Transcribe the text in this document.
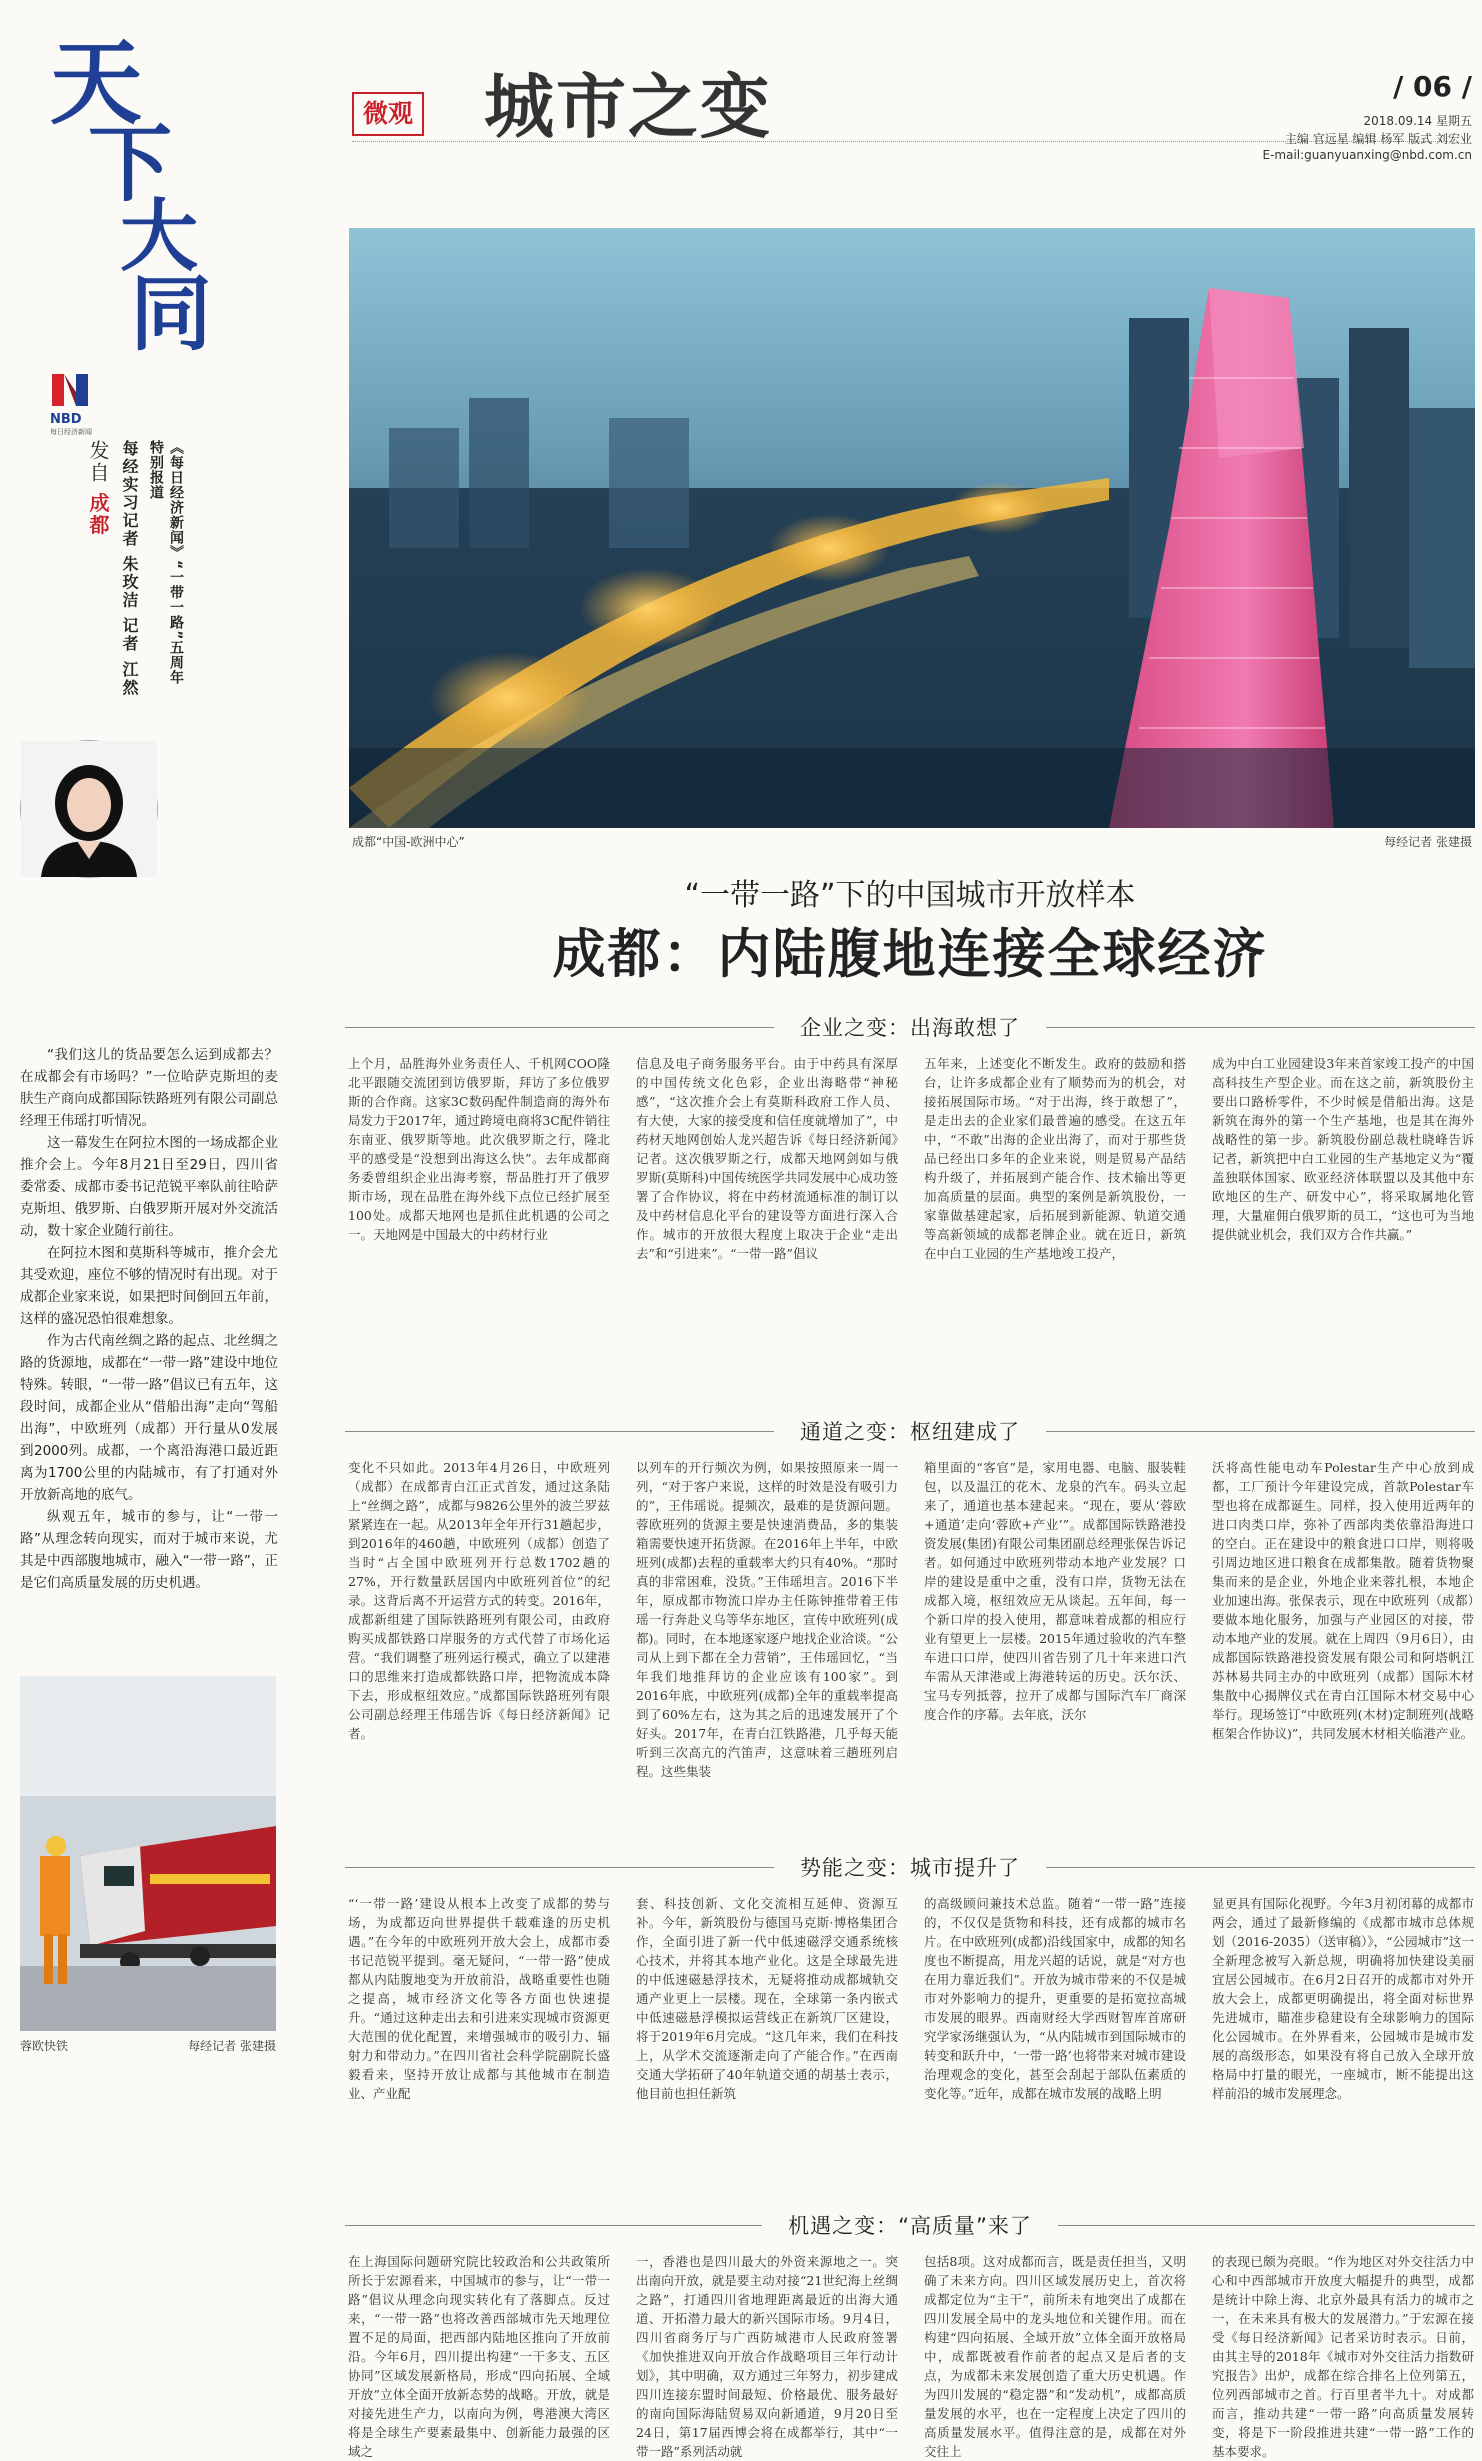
天
下
大
同
NBD
每日经济新闻
《每日经济新闻》“一带一路”五周年特别报道
每经实习记者 朱玫洁 记者 江然
发自 成都
微观 城市之变	/ 06 /
2018.09.14 星期五
主编 官远星 编辑 杨军 版式 刘宏业
E-mail:guanyuanxing@nbd.com.cn
成都“中国-欧洲中心”	每经记者 张建摄
“一带一路”下的中国城市开放样本
成都：内陆腹地连接全球经济

“我们这儿的货品要怎么运到成都去？在成都会有市场吗？”一位哈萨克斯坦的麦肤生产商向成都国际铁路班列有限公司副总经理王伟瑶打听情况。

这一幕发生在阿拉木图的一场成都企业推介会上。今年8月21日至29日，四川省委常委、成都市委书记范锐平率队前往哈萨克斯坦、俄罗斯、白俄罗斯开展对外交流活动，数十家企业随行前往。

在阿拉木图和莫斯科等城市，推介会尤其受欢迎，座位不够的情况时有出现。对于成都企业家来说，如果把时间倒回五年前，这样的盛况恐怕很难想象。

作为古代南丝绸之路的起点、北丝绸之路的货源地，成都在“一带一路”建设中地位特殊。转眼，“一带一路”倡议已有五年，这段时间，成都企业从“借船出海”走向“驾船出海”，中欧班列（成都）开行量从0发展到2000列。成都，一个离沿海港口最近距离为1700公里的内陆城市，有了打通对外开放新高地的底气。

纵观五年，城市的参与，让“一带一路”从理念转向现实，而对于城市来说，尤其是中西部腹地城市，融入“一带一路”，正是它们高质量发展的历史机遇。

蓉欧快铁	每经记者 张建摄
企业之变：出海敢想了
上个月，品胜海外业务责任人、千机网COO隆北平跟随交流团到访俄罗斯，拜访了多位俄罗斯的合作商。这家3C数码配件制造商的海外布局发力于2017年，通过跨境电商将3C配件销往东南亚、俄罗斯等地。此次俄罗斯之行，隆北平的感受是“没想到出海这么快”。去年成都商务委曾组织企业出海考察，帮品胜打开了俄罗斯市场，现在品胜在海外线下点位已经扩展至100处。成都天地网也是抓住此机遇的公司之一。天地网是中国最大的中药材行业
信息及电子商务服务平台。由于中药具有深厚的中国传统文化色彩，企业出海略带“神秘感”，“这次推介会上有莫斯科政府工作人员、有大使，大家的接受度和信任度就增加了”，中药材天地网创始人龙兴超告诉《每日经济新闻》记者。这次俄罗斯之行，成都天地网剑如与俄罗斯(莫斯科)中国传统医学共同发展中心成功签署了合作协议，将在中药材流通标准的制订以及中药材信息化平台的建设等方面进行深入合作。城市的开放很大程度上取决于企业“走出去”和“引进来”。“一带一路”倡议
五年来，上述变化不断发生。政府的鼓励和搭台，让许多成都企业有了顺势而为的机会，对接拓展国际市场。“对于出海，终于敢想了”，是走出去的企业家们最普遍的感受。在这五年中，“不敢”出海的企业出海了，而对于那些货品已经出口多年的企业来说，则是贸易产品结构升级了，并拓展到产能合作、技术输出等更加高质量的层面。典型的案例是新筑股份，一家靠做基建起家，后拓展到新能源、轨道交通等高新领域的成都老牌企业。就在近日，新筑在中白工业园的生产基地竣工投产，
成为中白工业园建设3年来首家竣工投产的中国高科技生产型企业。而在这之前，新筑股份主要出口路桥零件，不少时候是借船出海。这是新筑在海外的第一个生产基地，也是其在海外战略性的第一步。新筑股份副总裁杜晓峰告诉记者，新筑把中白工业园的生产基地定义为“覆盖独联体国家、欧亚经济体联盟以及其他中东欧地区的生产、研发中心”，将采取属地化管理，大量雇佣白俄罗斯的员工，“这也可为当地提供就业机会，我们双方合作共赢。”
通道之变：枢纽建成了
变化不只如此。2013年4月26日，中欧班列（成都）在成都青白江正式首发，通过这条陆上“丝绸之路”，成都与9826公里外的波兰罗兹紧紧连在一起。从2013年全年开行31趟起步，到2016年的460趟，中欧班列（成都）创造了当时“占全国中欧班列开行总数1702趟的27%，开行数量跃居国内中欧班列首位”的纪录。这背后离不开运营方式的转变。2016年，成都新组建了国际铁路班列有限公司，由政府购买成都铁路口岸服务的方式代替了市场化运营。“我们调整了班列运行模式，确立了以建港口的思维来打造成都铁路口岸，把物流成本降下去，形成枢纽效应。”成都国际铁路班列有限公司副总经理王伟瑶告诉《每日经济新闻》记者。
以列车的开行频次为例，如果按照原来一周一列，“对于客户来说，这样的时效是没有吸引力的”，王伟瑶说。提频次，最难的是货源问题。蓉欧班列的货源主要是快速消费品，多的集装箱需要快速开拓货源。在2016年上半年，中欧班列(成都)去程的重载率大约只有40%。“那时真的非常困难，没货。”王伟瑶坦言。2016下半年，原成都市物流口岸办主任陈钟推带着王伟瑶一行奔赴义乌等华东地区，宣传中欧班列(成都)。同时，在本地逐家逐户地找企业洽谈。“公司从上到下都在全力营销”，王伟瑶回忆，“当年我们地推拜访的企业应该有100家”。到2016年底，中欧班列(成都)全年的重载率提高到了60%左右，这为其之后的迅速发展开了个好头。2017年，在青白江铁路港，几乎每天能听到三次高亢的汽笛声，这意味着三趟班列启程。这些集装
箱里面的“客官”是，家用电器、电脑、服装鞋包，以及温江的花木、龙泉的汽车。码头立起来了，通道也基本建起来。“现在，要从‘蓉欧+通道’走向‘蓉欧+产业’”。成都国际铁路港投资发展(集团)有限公司集团副总经理张保告诉记者。如何通过中欧班列带动本地产业发展？口岸的建设是重中之重，没有口岸，货物无法在成都入境，枢纽效应无从谈起。五年间，每一个新口岸的投入使用，都意味着成都的相应行业有望更上一层楼。2015年通过验收的汽车整车进口口岸，使四川省告别了几十年来进口汽车需从天津港或上海港转运的历史。沃尔沃、宝马专列抵蓉，拉开了成都与国际汽车厂商深度合作的序幕。去年底，沃尔
沃将高性能电动车Polestar生产中心放到成都，工厂预计今年建设完成，首款Polestar车型也将在成都诞生。同样，投入使用近两年的进口肉类口岸，弥补了西部肉类依靠沿海进口的空白。正在建设中的粮食进口口岸，则将吸引周边地区进口粮食在成都集散。随着货物聚集而来的是企业，外地企业来蓉扎根，本地企业加速出海。张保表示，现在中欧班列（成都）要做本地化服务，加强与产业园区的对接，带动本地产业的发展。就在上周四（9月6日），由成都国际铁路港投资发展有限公司和阿塔帆江苏林易共同主办的中欧班列（成都）国际木材集散中心揭牌仪式在青白江国际木材交易中心举行。现场签订“中欧班列(木材)定制班列(战略框架合作协议)”，共同发展木材相关临港产业。
势能之变：城市提升了
“‘一带一路’建设从根本上改变了成都的势与场，为成都迈向世界提供千载难逢的历史机遇。”在今年的中欧班列开放大会上，成都市委书记范锐平提到。毫无疑问，“一带一路”使成都从内陆腹地变为开放前沿，战略重要性也随之提高，城市经济文化等各方面也快速提升。“通过这种走出去和引进来实现城市资源更大范围的优化配置，来增强城市的吸引力、辐射力和带动力。”在四川省社会科学院副院长盛毅看来，坚持开放让成都与其他城市在制造业、产业配
套、科技创新、文化交流相互延伸、资源互补。今年，新筑股份与德国马克斯·博格集团合作，全面引进了新一代中低速磁浮交通系统核心技术，并将其本地产业化。这是全球最先进的中低速磁悬浮技术，无疑将推动成都城轨交通产业更上一层楼。现在，全球第一条内嵌式中低速磁悬浮模拟运营线正在新筑厂区建设，将于2019年6月完成。“这几年来，我们在科技上，从学术交流逐渐走向了产能合作。”在西南交通大学拓研了40年轨道交通的胡基士表示，他目前也担任新筑
的高级顾问兼技术总监。随着“一带一路”连接的，不仅仅是货物和科技，还有成都的城市名片。在中欧班列(成都)沿线国家中，成都的知名度也不断提高，用龙兴超的话说，就是“对方也在用力靠近我们”。开放为城市带来的不仅是城市对外影响力的提升，更重要的是拓宽拉高城市发展的眼界。西南财经大学西财智库首席研究学家汤继强认为，“从内陆城市到国际城市的转变和跃升中，‘一带一路’也将带来对城市建设治理观念的变化，甚至会刮起于部队伍素质的变化等。”近年，成都在城市发展的战略上明
显更具有国际化视野。今年3月初闭幕的成都市两会，通过了最新修编的《成都市城市总体规划（2016-2035）（送审稿）》，“公园城市”这一全新理念被写入新总规，明确将加快建设美丽宜居公园城市。在6月2日召开的成都市对外开放大会上，成都更明确提出，将全面对标世界先进城市，瞄准步稳建设有全球影响力的国际化公园城市。在外界看来，公园城市是城市发展的高级形态，如果没有将自己放入全球开放格局中打量的眼光，一座城市，断不能提出这样前沿的城市发展理念。
机遇之变：“高质量”来了
在上海国际问题研究院比较政治和公共政策所所长于宏源看来，中国城市的参与，让“一带一路”倡议从理念向现实转化有了落脚点。反过来，“一带一路”也将改善西部城市先天地理位置不足的局面，把西部内陆地区推向了开放前沿。今年6月，四川提出构建“一干多支、五区协同”区域发展新格局，形成“四向拓展、全域开放”立体全面开放新态势的战略。开放，就是对接先进生产力，以南向为例，粤港澳大湾区将是全球生产要素最集中、创新能力最强的区域之
一，香港也是四川最大的外资来源地之一。突出南向开放，就是要主动对接“21世纪海上丝绸之路”，打通四川省地理距离最近的出海大通道、开拓潜力最大的新兴国际市场。9月4日，四川省商务厅与广西防城港市人民政府签署《加快推进双向开放合作战略项目三年行动计划》，其中明确，双方通过三年努力，初步建成四川连接东盟时间最短、价格最优、服务最好的南向国际海陆贸易双向新通道，9月20日至24日，第17届西博会将在成都举行，其中“一带一路”系列活动就
包括8项。这对成都而言，既是责任担当，又明确了未来方向。四川区域发展历史上，首次将成都定位为“主干”，前所未有地突出了成都在四川发展全局中的龙头地位和关键作用。而在构建“四向拓展、全域开放”立体全面开放格局中，成都既被看作前者的起点又是后者的支点，为成都未来发展创造了重大历史机遇。作为四川发展的“稳定器”和“发动机”，成都高质量发展的水平，也在一定程度上决定了四川的高质量发展水平。值得注意的是，成都在对外交往上
的表现已颇为亮眼。“作为地区对外交往活力中心和中西部城市开放度大幅提升的典型，成都是统计中除上海、北京外最具有活力的城市之一，在未来具有极大的发展潜力。”于宏源在接受《每日经济新闻》记者采访时表示。日前，由其主导的2018年《城市对外交往活力指数研究报告》出炉，成都在综合排名上位列第五，位列西部城市之首。行百里者半九十。对成都而言，推动共建“一带一路”向高质量发展转变，将是下一阶段推进共建“一带一路”工作的基本要求。
